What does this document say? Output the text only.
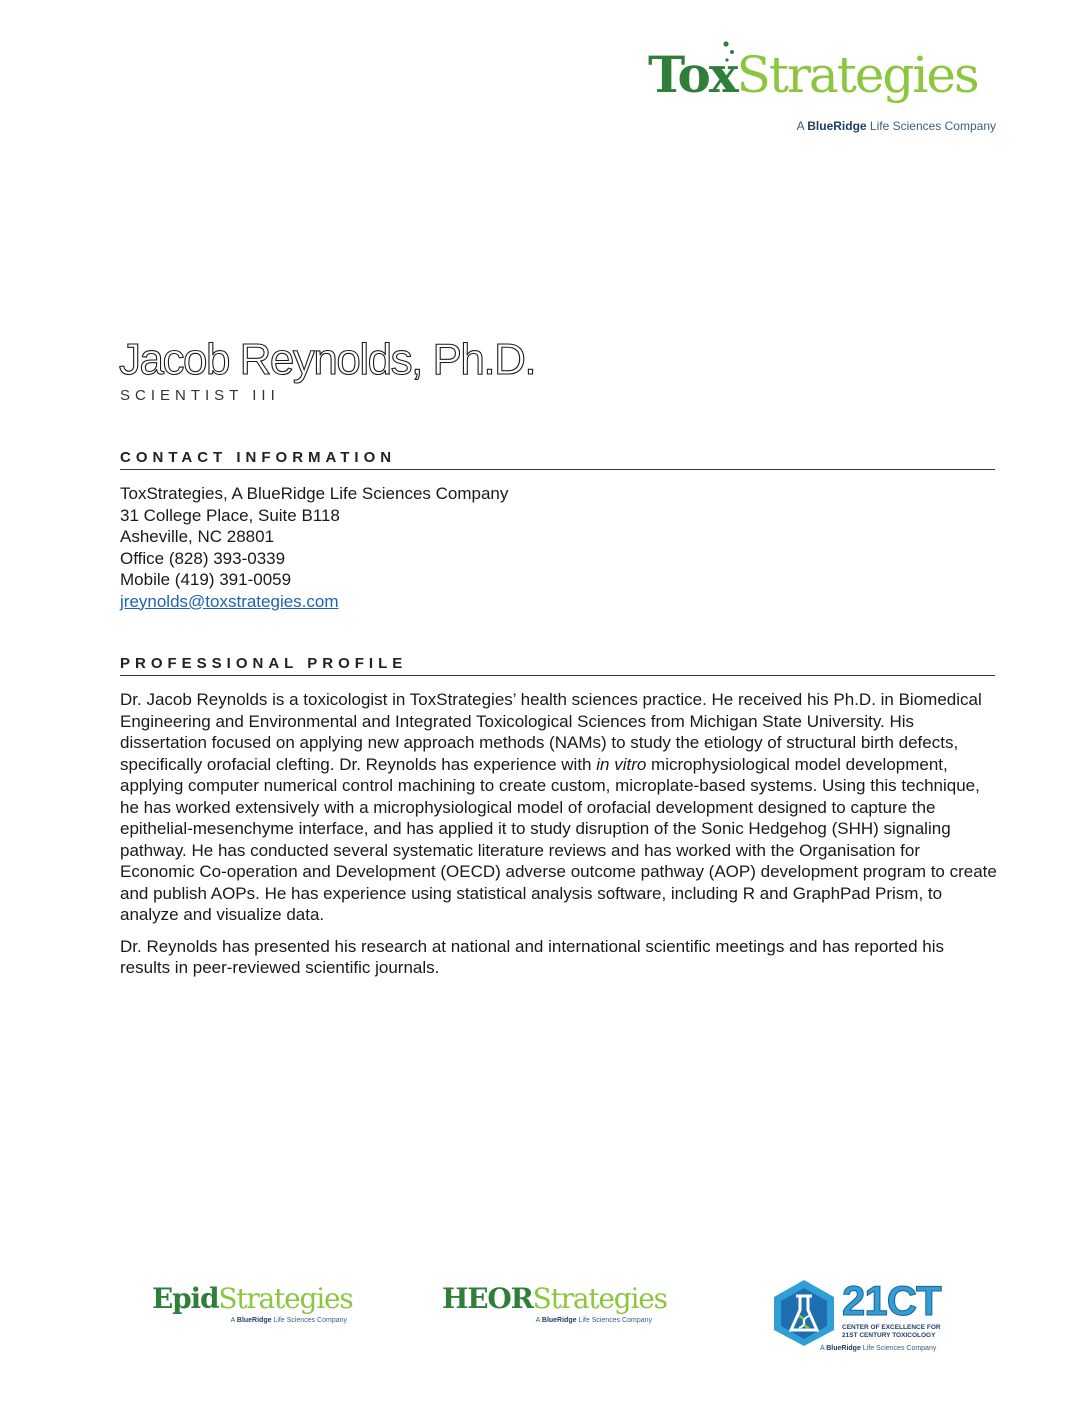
ToxStrategies
A BlueRidge Life Sciences Company
Jacob Reynolds, Ph.D.
SCIENTIST III
CONTACT INFORMATION
ToxStrategies, A BlueRidge Life Sciences Company
31 College Place, Suite B118
Asheville, NC 28801
Office (828) 393-0339
Mobile (419) 391-0059
jreynolds@toxstrategies.com
PROFESSIONAL PROFILE

Dr. Jacob Reynolds is a toxicologist in ToxStrategies’ health sciences practice. He received his Ph.D. in Biomedical Engineering and Environmental and Integrated Toxicological Sciences from Michigan State University. His dissertation focused on applying new approach methods (NAMs) to study the etiology of structural birth defects, specifically orofacial clefting. Dr. Reynolds has experience with in vitro microphysiological model development, applying computer numerical control machining to create custom, microplate-based systems. Using this technique, he has worked extensively with a microphysiological model of orofacial development designed to capture the epithelial-mesenchyme interface, and has applied it to study disruption of the Sonic Hedgehog (SHH) signaling pathway. He has conducted several systematic literature reviews and has worked with the Organisation for Economic Co-operation and Development (OECD) adverse outcome pathway (AOP) development program to create and publish AOPs. He has experience using statistical analysis software, including R and GraphPad Prism, to analyze and visualize data.

Dr. Reynolds has presented his research at national and international scientific meetings and has reported his results in peer-reviewed scientific journals.

EpidStrategies
A BlueRidge Life Sciences Company
HEORStrategies
A BlueRidge Life Sciences Company	21CT
CENTER OF EXCELLENCE FOR
21ST CENTURY TOXICOLOGY
A BlueRidge Life Sciences Company
